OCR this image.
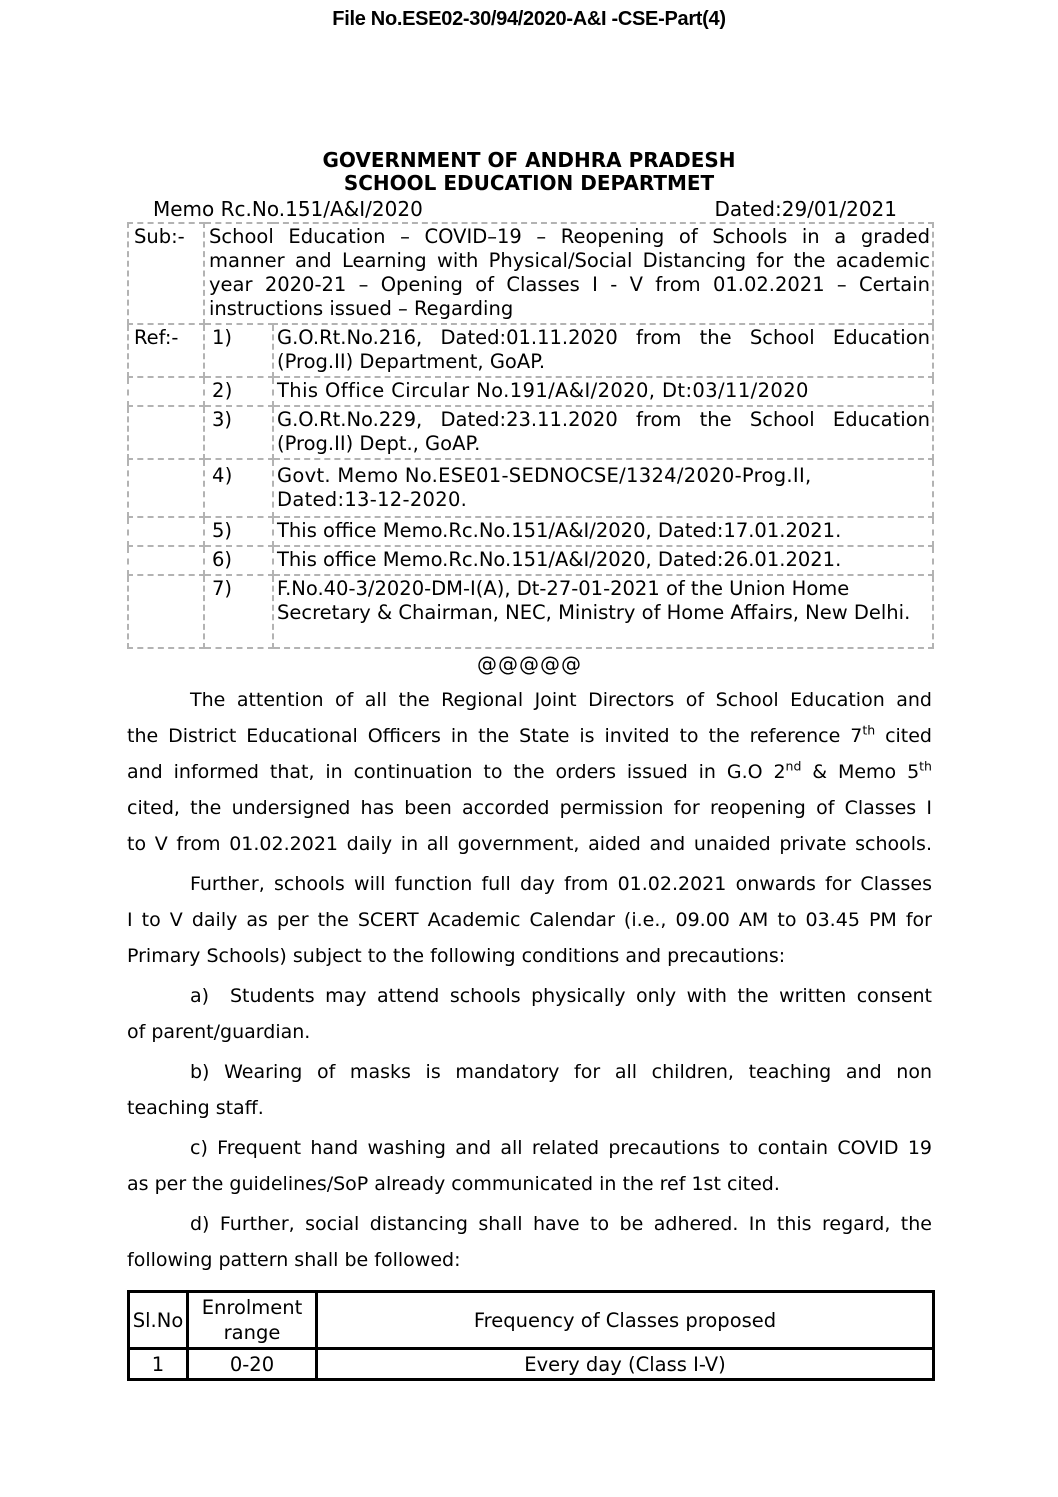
File No.ESE02-30/94/2020-A&I -CSE-Part(4)
GOVERNMENT OF ANDHRA PRADESH
SCHOOL EDUCATION DEPARTMET
Memo Rc.No.151/A&I/2020	Dated:29/01/2021
Sub:-	School Education – COVID–19 – Reopening of Schools in a graded
manner and Learning with Physical/Social Distancing for the academic
year 2020-21 – Opening of Classes I - V from 01.02.2021 – Certain
instructions issued – Regarding	

Ref:-	1)	G.O.Rt.No.216, Dated:01.11.2020 from the School Education
(Prog.II) Department, GoAP.

	2)	This Office Circular No.191/A&I/2020, Dt:03/11/2020

	3)	G.O.Rt.No.229, Dated:23.11.2020 from the School Education
(Prog.II) Dept., GoAP.

	4)	Govt. Memo No.ESE01-SEDNOCSE/1324/2020-Prog.II,
Dated:13-12-2020.

	5)	This office Memo.Rc.No.151/A&I/2020, Dated:17.01.2021.

	6)	This office Memo.Rc.No.151/A&I/2020, Dated:26.01.2021.

	7)	F.No.40-3/2020-DM-I(A), Dt-27-01-2021 of the Union Home
Secretary & Chairman, NEC, Ministry of Home Affairs, New Delhi.
@@@@@
The attention of all the Regional Joint Directors of School Education and
the District Educational Officers in the State is invited to the reference 7th cited
and informed that, in continuation to the orders issued in G.O 2nd & Memo 5th
cited, the undersigned has been accorded permission for reopening of Classes I
to V from 01.02.2021 daily in all government, aided and unaided private schools.
Further, schools will function full day from 01.02.2021 onwards for Classes
I to V daily as per the SCERT Academic Calendar (i.e., 09.00 AM to 03.45 PM for
Primary Schools) subject to the following conditions and precautions:
a)  Students may attend schools physically only with the written consent
of parent/guardian.
b) Wearing of masks is mandatory for all children, teaching and non
teaching staff.
c) Frequent hand washing and all related precautions to contain COVID 19
as per the guidelines/SoP already communicated in the ref 1st cited.
d) Further, social distancing shall have to be adhered. In this regard, the
following pattern shall be followed:
Sl.No	Enrolment range	Frequency of Classes proposed
1	0-20	Every day (Class I-V)
